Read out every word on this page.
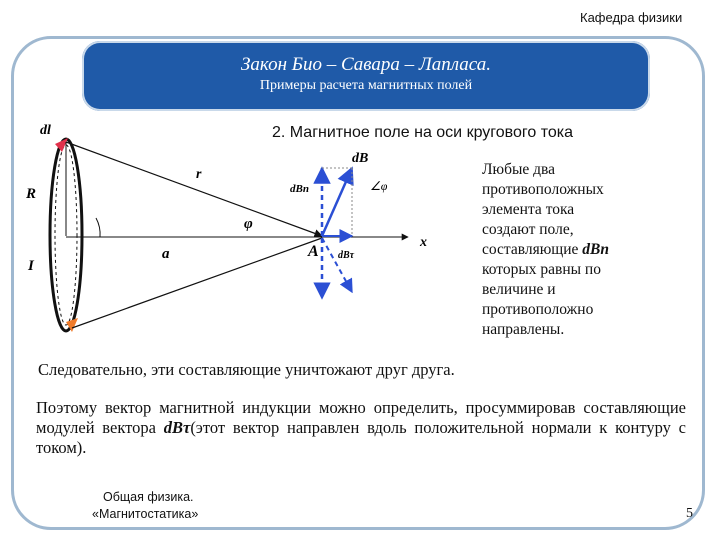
Кафедра физики
Закон Био – Савара – Лапласа.
Примеры расчета магнитных полей
2. Магнитное поле на оси кругового тока
dl
r
R
I
φ
a	A
x
dB
dBn
dBτ
∠φ
Любые два
противоположных
элемента тока
создают поле,
составляющие dBn
которых равны по
величине и
противоположно
направлены.
Следовательно, эти составляющие уничтожают друг друга.
Поэтому вектор магнитной индукции можно определить, просуммировав составляющие модулей вектора dBτ(этот вектор направлен вдоль положительной нормали к контуру с током).
Общая физика.
«Магнитостатика»	5
